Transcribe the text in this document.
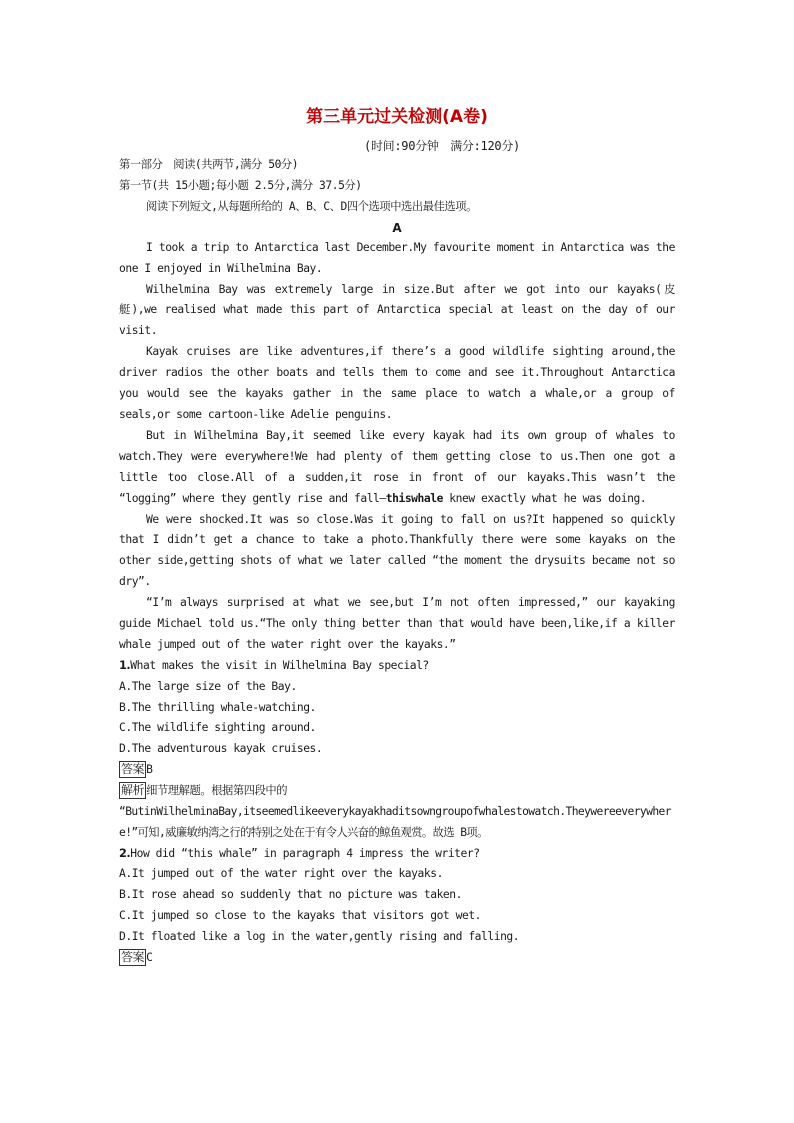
第三单元过关检测(A卷)
(时间:90分钟　满分:120分)
第一部分　阅读(共两节,满分 50分)
第一节(共 15小题;每小题 2.5分,满分 37.5分)
阅读下列短文,从每题所给的 A、B、C、D四个选项中选出最佳选项。
A
I took a trip to Antarctica last December.My favourite moment in Antarctica was the one I enjoyed in Wilhelmina Bay.
Wilhelmina Bay was extremely large in size.But after we got into our kayaks(皮艇),we realised what made this part of Antarctica special at least on the day of our visit.
Kayak cruises are like adventures,if there’s a good wildlife sighting around,the driver radios the other boats and tells them to come and see it.Throughout Antarctica you would see the kayaks gather in the same place to watch a whale,or a group of seals,or some cartoon-like Adelie penguins.
But in Wilhelmina Bay,it seemed like every kayak had its own group of whales to watch.They were everywhere!We had plenty of them getting close to us.Then one got a little too close.All of a sudden,it rose in front of our kayaks.This wasn’t the “logging” where they gently rise and fall—thiswhale knew exactly what he was doing.
We were shocked.It was so close.Was it going to fall on us?It happened so quickly that I didn’t get a chance to take a photo.Thankfully there were some kayaks on the other side,getting shots of what we later called “the moment the drysuits became not so dry”.
“I’m always surprised at what we see,but I’m not often impressed,” our kayaking guide Michael told us.“The only thing better than that would have been,like,if a killer whale jumped out of the water right over the kayaks.”
1.What makes the visit in Wilhelmina Bay special?
A.The large size of the Bay.
B.The thrilling whale-watching.
C.The wildlife sighting around.
D.The adventurous kayak cruises.
答案 B
解析 细节理解题。根据第四段中的
“ButinWilhelminaBay,itseemedlikeeverykayakhaditsowngroupofwhalestowatch.Theywereeverywhere!”可知,威廉敏纳湾之行的特别之处在于有令人兴奋的鲸鱼观赏。故选 B项。
2.How did “this whale” in paragraph 4 impress the writer?
A.It jumped out of the water right over the kayaks.
B.It rose ahead so suddenly that no picture was taken.
C.It jumped so close to the kayaks that visitors got wet.
D.It floated like a log in the water,gently rising and falling.
答案 C
